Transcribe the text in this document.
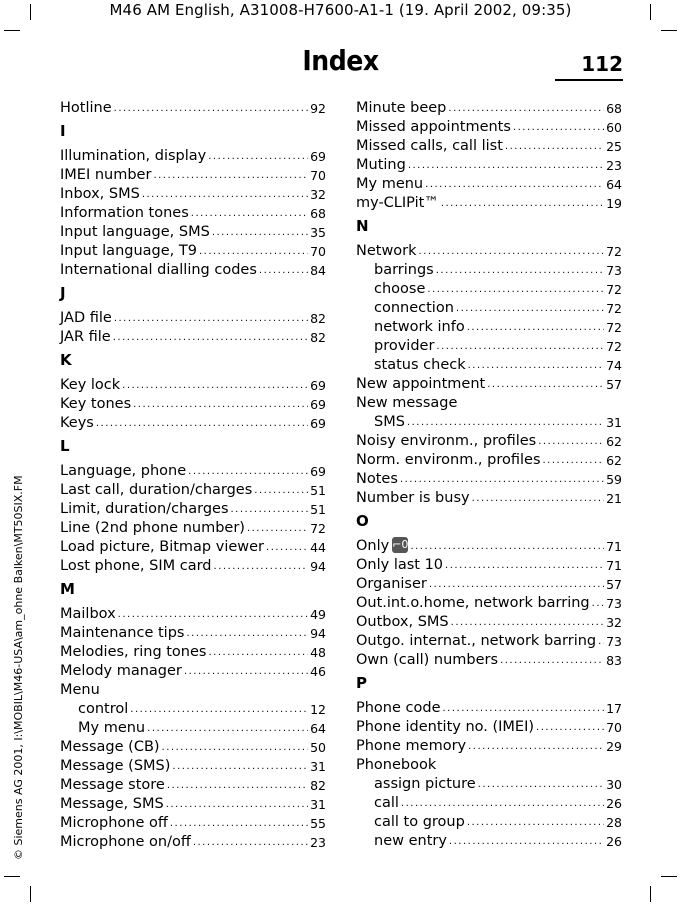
M46 AM English, A31008-H7600-A1-1 (19. April 2002, 09:35)
© Siemens AG 2001, I:\MOBIL\M46-USA\am_ohne Balken\MT50SIX.FM
Index	112
Hotline .....	92
I
Illumination, display .....	69
IMEI number .....	70
Inbox, SMS .....	32
Information tones .....	68
Input language, SMS .....	35
Input language, T9 .....	70
International dialling codes .....	84
J
JAD file .....	82
JAR file .....	82
K
Key lock .....	69
Key tones .....	69
Keys .....	69
L
Language, phone .....	69
Last call, duration/charges .....	51
Limit, duration/charges .....	51
Line (2nd phone number) .....	72
Load picture, Bitmap viewer .....	44
Lost phone, SIM card .....	94
M
Mailbox .....	49
Maintenance tips .....	94
Melodies, ring tones .....	48
Melody manager .....	46
Menu
control .....	12
My menu .....	64
Message (CB) .....	50
Message (SMS) .....	31
Message store .....	82
Message, SMS .....	31
Microphone off .....	55
Microphone on/off .....	23
Minute beep .....	68
Missed appointments .....	60
Missed calls, call list .....	25
Muting .....	23
My menu .....	64
my-CLIPit™ .....	19
N
Network .....	72
barrings .....	73
choose .....	72
connection .....	72
network info .....	72
provider .....	72
status check .....	74
New appointment .....	57
New message
SMS .....	31
Noisy environm., profiles .....	62
Norm. environm., profiles .....	62
Notes .....	59
Number is busy .....	21
O
Only ⌐0 .....	71
Only last 10 .....	71
Organiser .....	57
Out.int.o.home, network barring ..... 73
Outbox, SMS .....	32
Outgo. internat., network barring ..... 73
Own (call) numbers .....	83
P
Phone code .....	17
Phone identity no. (IMEI) .....	70
Phone memory .....	29
Phonebook
assign picture .....	30
call .....	26
call to group .....	28
new entry .....	26
